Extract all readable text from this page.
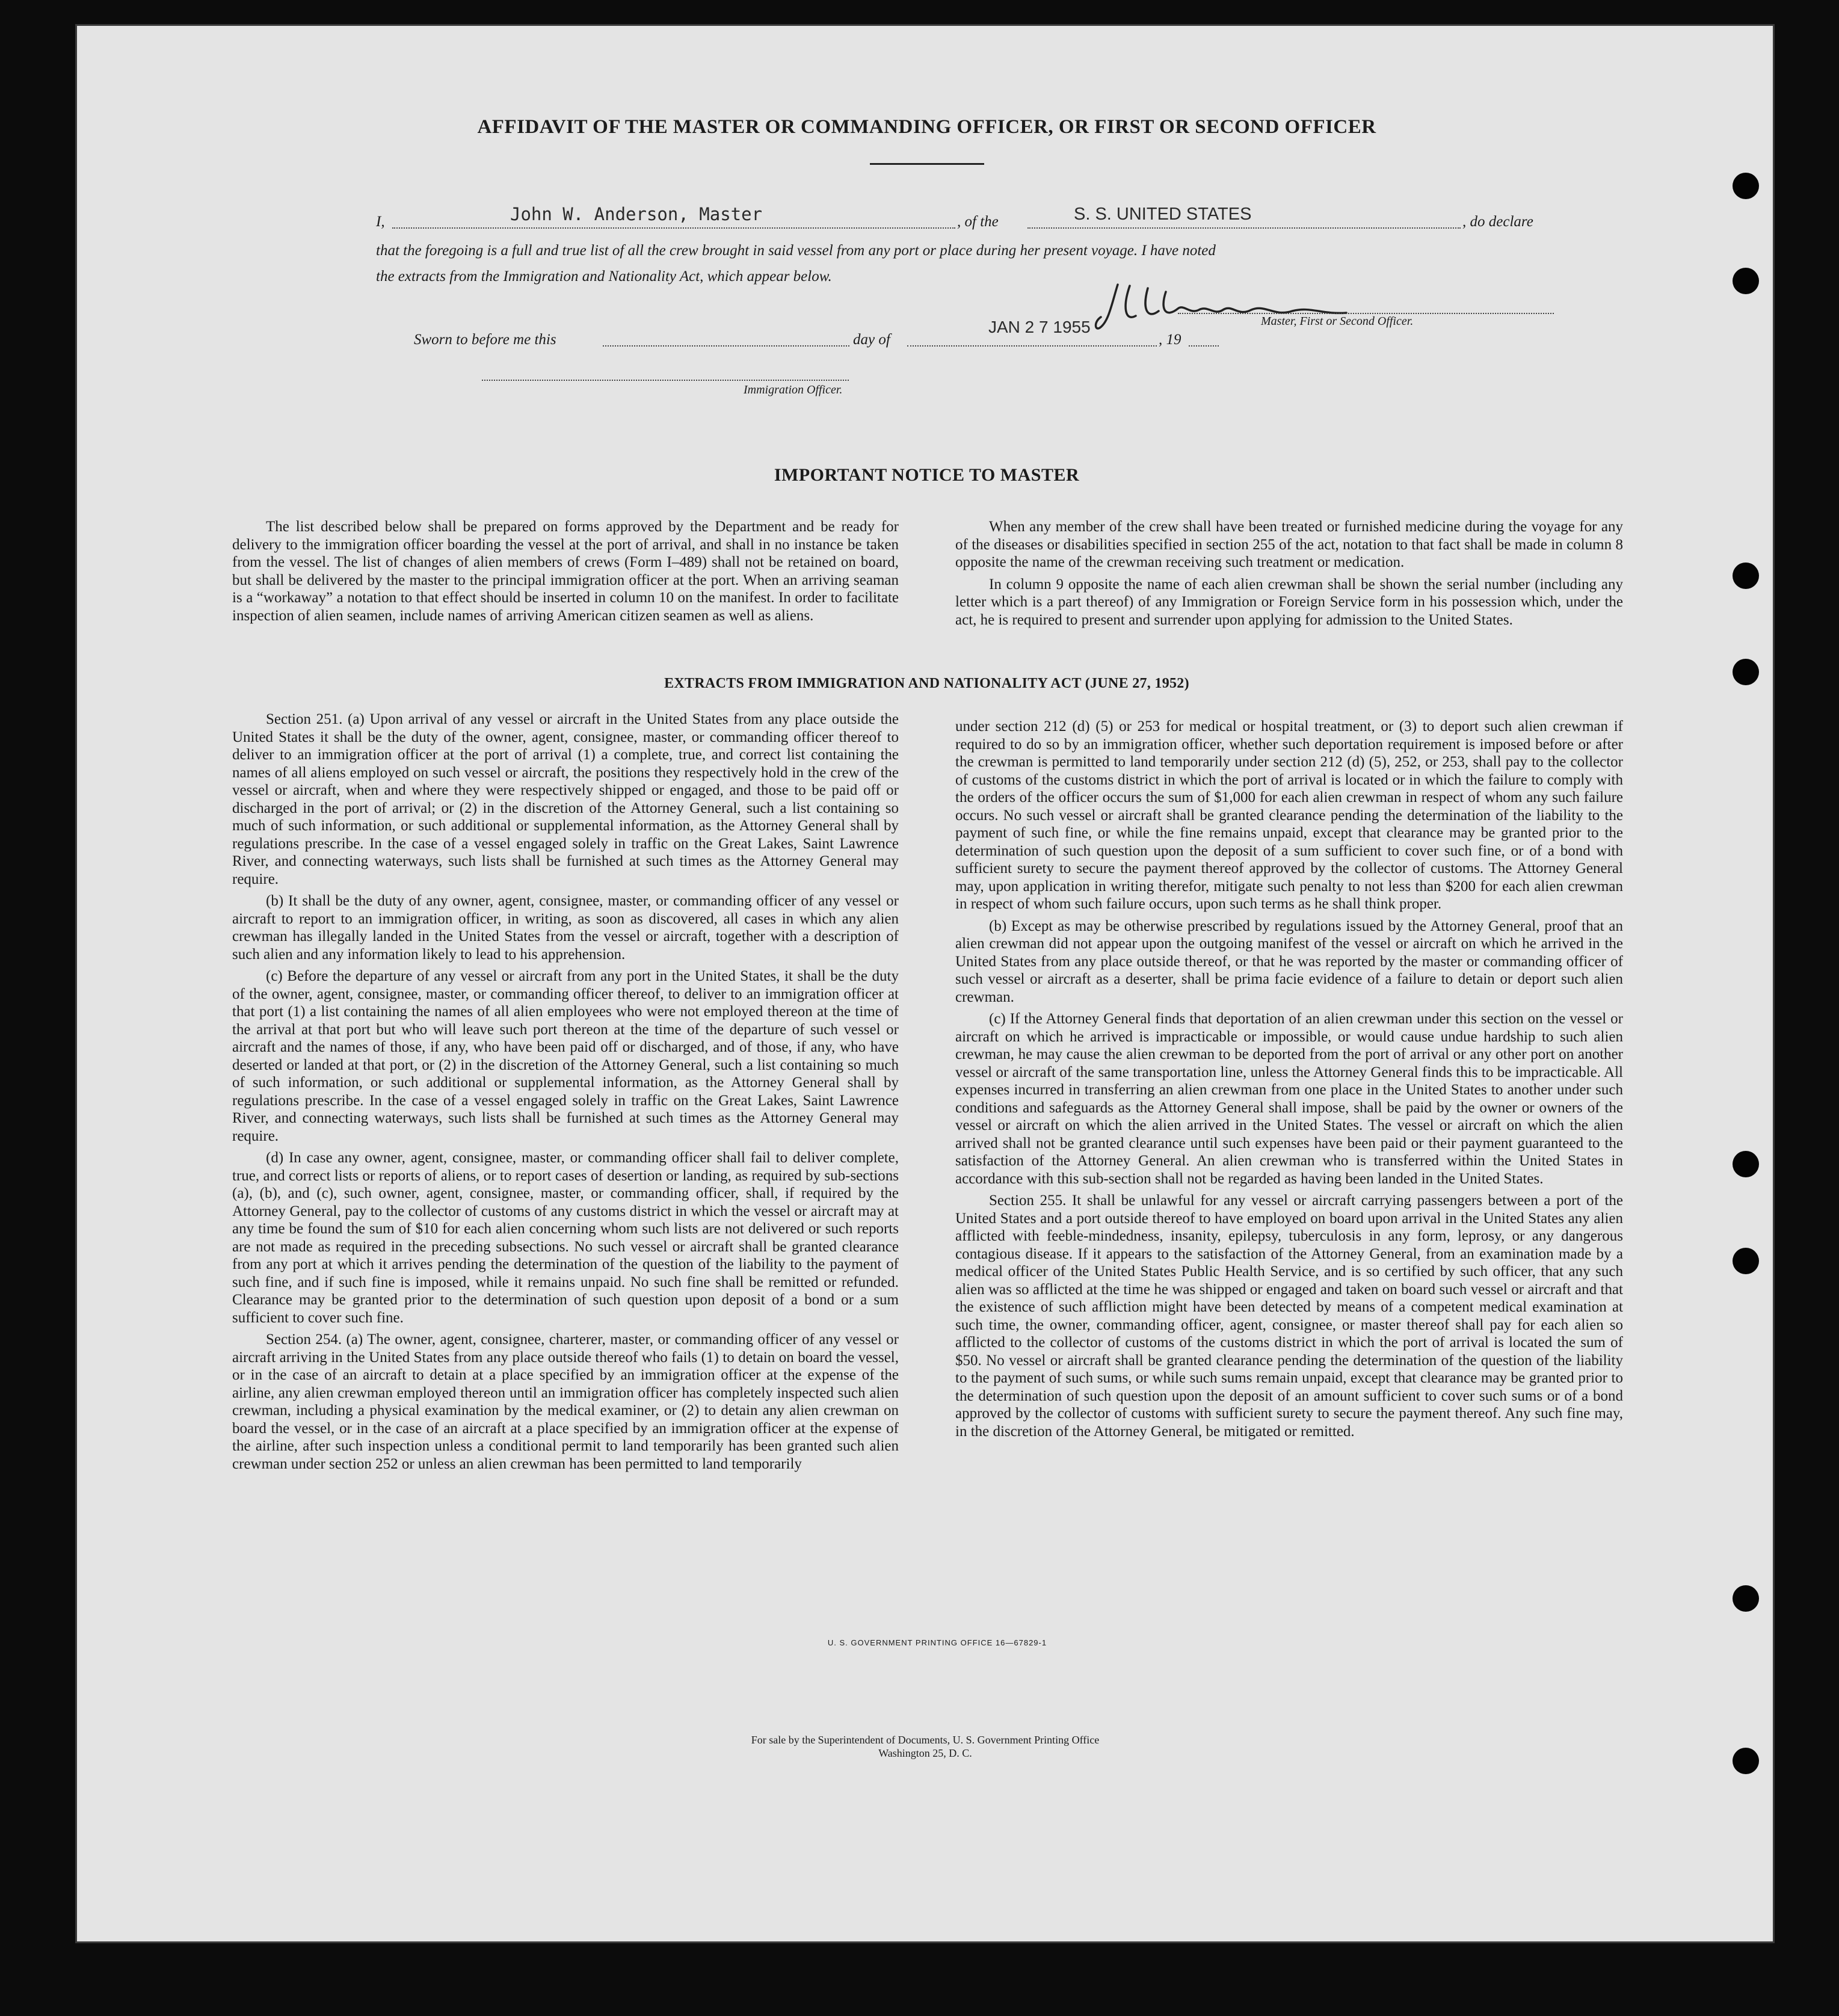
AFFIDAVIT OF THE MASTER OR COMMANDING OFFICER, OR FIRST OR SECOND OFFICER
I,	John W. Anderson, Master	, of the	S. S. UNITED STATES	, do declare
that the foregoing is a full and true list of all the crew brought in said vessel from any port or place during her present voyage. I have noted
the extracts from the Immigration and Nationality Act, which appear below.
Master, First or Second Officer.
Sworn to before me this	day of
JAN 2 7 1955
, 19
Immigration Officer.
IMPORTANT NOTICE TO MASTER

The list described below shall be prepared on forms approved by the Department and be ready for delivery to the immigration officer boarding the vessel at the port of arrival, and shall in no instance be taken from the vessel. The list of changes of alien members of crews (Form I–489) shall not be retained on board, but shall be delivered by the master to the principal immigration officer at the port. When an arriving seaman is a “workaway” a notation to that effect should be inserted in column 10 on the manifest. In order to facilitate inspection of alien seamen, include names of arriving American citizen seamen as well as aliens.

When any member of the crew shall have been treated or furnished medicine during the voyage for any of the diseases or disabilities specified in section 255 of the act, notation to that fact shall be made in column 8 opposite the name of the crewman receiving such treatment or medication.

In column 9 opposite the name of each alien crewman shall be shown the serial number (including any letter which is a part thereof) of any Immigration or Foreign Service form in his possession which, under the act, he is required to present and surrender upon applying for admission to the United States.

EXTRACTS FROM IMMIGRATION AND NATIONALITY ACT (JUNE 27, 1952)

Section 251. (a) Upon arrival of any vessel or aircraft in the United States from any place outside the United States it shall be the duty of the owner, agent, consignee, master, or commanding officer thereof to deliver to an immigration officer at the port of arrival (1) a complete, true, and correct list containing the names of all aliens employed on such vessel or aircraft, the positions they respectively hold in the crew of the vessel or aircraft, when and where they were respectively shipped or engaged, and those to be paid off or discharged in the port of arrival; or (2) in the discretion of the Attorney General, such a list containing so much of such information, or such additional or supplemental information, as the Attorney General shall by regulations prescribe. In the case of a vessel engaged solely in traffic on the Great Lakes, Saint Lawrence River, and connecting waterways, such lists shall be furnished at such times as the Attorney General may require.

(b) It shall be the duty of any owner, agent, consignee, master, or commanding officer of any vessel or aircraft to report to an immigration officer, in writing, as soon as discovered, all cases in which any alien crewman has illegally landed in the United States from the vessel or aircraft, together with a description of such alien and any information likely to lead to his apprehension.

(c) Before the departure of any vessel or aircraft from any port in the United States, it shall be the duty of the owner, agent, consignee, master, or commanding officer thereof, to deliver to an immigration officer at that port (1) a list containing the names of all alien employees who were not employed thereon at the time of the arrival at that port but who will leave such port thereon at the time of the departure of such vessel or aircraft and the names of those, if any, who have been paid off or discharged, and of those, if any, who have deserted or landed at that port, or (2) in the discretion of the Attorney General, such a list containing so much of such information, or such additional or supplemental information, as the Attorney General shall by regulations prescribe. In the case of a vessel engaged solely in traffic on the Great Lakes, Saint Lawrence River, and connecting waterways, such lists shall be furnished at such times as the Attorney General may require.

(d) In case any owner, agent, consignee, master, or commanding officer shall fail to deliver complete, true, and correct lists or reports of aliens, or to report cases of desertion or landing, as required by sub-sections (a), (b), and (c), such owner, agent, consignee, master, or commanding officer, shall, if required by the Attorney General, pay to the collector of customs of any customs district in which the vessel or aircraft may at any time be found the sum of $10 for each alien concerning whom such lists are not delivered or such reports are not made as required in the preceding subsections. No such vessel or aircraft shall be granted clearance from any port at which it arrives pending the determination of the question of the liability to the payment of such fine, and if such fine is imposed, while it remains unpaid. No such fine shall be remitted or refunded. Clearance may be granted prior to the determination of such question upon deposit of a bond or a sum sufficient to cover such fine.

Section 254. (a) The owner, agent, consignee, charterer, master, or commanding officer of any vessel or aircraft arriving in the United States from any place outside thereof who fails (1) to detain on board the vessel, or in the case of an aircraft to detain at a place specified by an immigration officer at the expense of the airline, any alien crewman employed thereon until an immigration officer has completely inspected such alien crewman, including a physical examination by the medical examiner, or (2) to detain any alien crewman on board the vessel, or in the case of an aircraft at a place specified by an immigration officer at the expense of the airline, after such inspection unless a conditional permit to land temporarily has been granted such alien crewman under section 252 or unless an alien crewman has been permitted to land temporarily

under section 212 (d) (5) or 253 for medical or hospital treatment, or (3) to deport such alien crewman if required to do so by an immigration officer, whether such deportation requirement is imposed before or after the crewman is permitted to land temporarily under section 212 (d) (5), 252, or 253, shall pay to the collector of customs of the customs district in which the port of arrival is located or in which the failure to comply with the orders of the officer occurs the sum of $1,000 for each alien crewman in respect of whom any such failure occurs. No such vessel or aircraft shall be granted clearance pending the determination of the liability to the payment of such fine, or while the fine remains unpaid, except that clearance may be granted prior to the determination of such question upon the deposit of a sum sufficient to cover such fine, or of a bond with sufficient surety to secure the payment thereof approved by the collector of customs. The Attorney General may, upon application in writing therefor, mitigate such penalty to not less than $200 for each alien crewman in respect of whom such failure occurs, upon such terms as he shall think proper.

(b) Except as may be otherwise prescribed by regulations issued by the Attorney General, proof that an alien crewman did not appear upon the outgoing manifest of the vessel or aircraft on which he arrived in the United States from any place outside thereof, or that he was reported by the master or commanding officer of such vessel or aircraft as a deserter, shall be prima facie evidence of a failure to detain or deport such alien crewman.

(c) If the Attorney General finds that deportation of an alien crewman under this section on the vessel or aircraft on which he arrived is impracticable or impossible, or would cause undue hardship to such alien crewman, he may cause the alien crewman to be deported from the port of arrival or any other port on another vessel or aircraft of the same transportation line, unless the Attorney General finds this to be impracticable. All expenses incurred in transferring an alien crewman from one place in the United States to another under such conditions and safeguards as the Attorney General shall impose, shall be paid by the owner or owners of the vessel or aircraft on which the alien arrived in the United States. The vessel or aircraft on which the alien arrived shall not be granted clearance until such expenses have been paid or their payment guaranteed to the satisfaction of the Attorney General. An alien crewman who is transferred within the United States in accordance with this sub-section shall not be regarded as having been landed in the United States.

Section 255. It shall be unlawful for any vessel or aircraft carrying passengers between a port of the United States and a port outside thereof to have employed on board upon arrival in the United States any alien afflicted with feeble-mindedness, insanity, epilepsy, tuberculosis in any form, leprosy, or any dangerous contagious disease. If it appears to the satisfaction of the Attorney General, from an examination made by a medical officer of the United States Public Health Service, and is so certified by such officer, that any such alien was so afflicted at the time he was shipped or engaged and taken on board such vessel or aircraft and that the existence of such affliction might have been detected by means of a competent medical examination at such time, the owner, commanding officer, agent, consignee, or master thereof shall pay for each alien so afflicted to the collector of customs of the customs district in which the port of arrival is located the sum of $50. No vessel or aircraft shall be granted clearance pending the determination of the question of the liability to the payment of such sums, or while such sums remain unpaid, except that clearance may be granted prior to the determination of such question upon the deposit of an amount sufficient to cover such sums or of a bond approved by the collector of customs with sufficient surety to secure the payment thereof. Any such fine may, in the discretion of the Attorney General, be mitigated or remitted.

U. S. GOVERNMENT PRINTING OFFICE 16—67829-1
For sale by the Superintendent of Documents, U. S. Government Printing Office
Washington 25, D. C.
